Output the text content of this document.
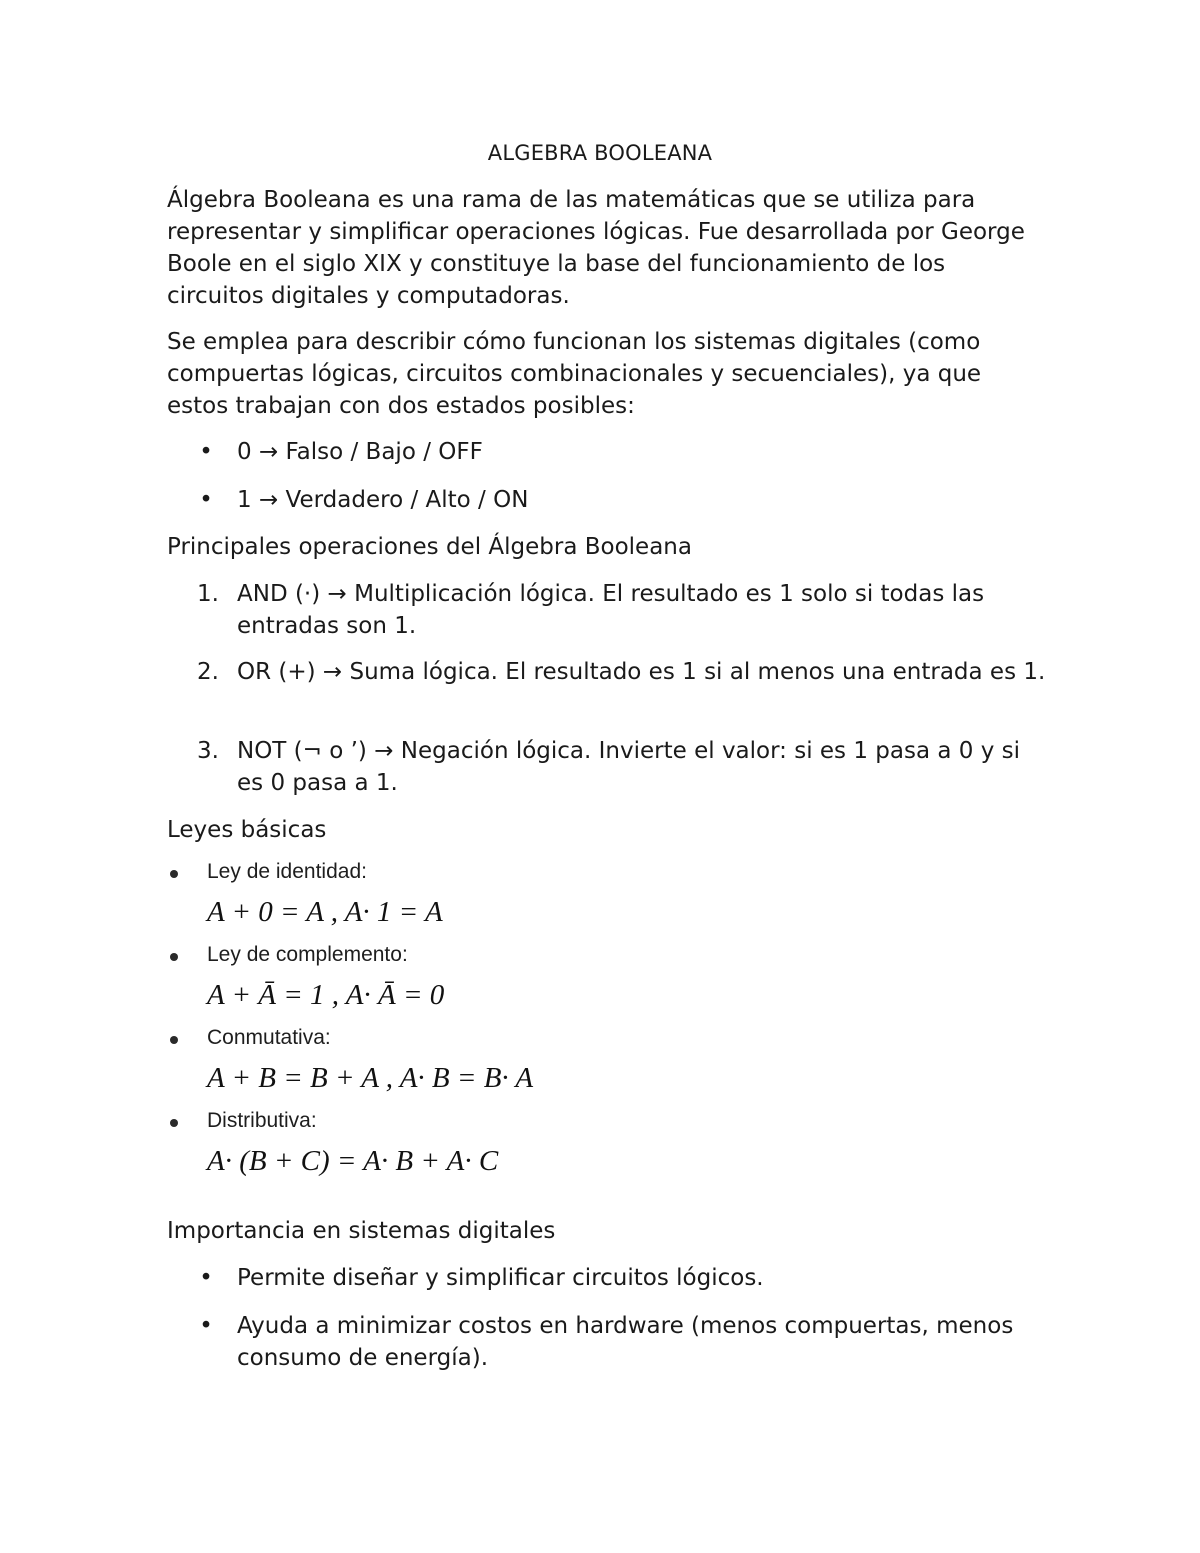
ALGEBRA BOOLEANA

Álgebra Booleana es una rama de las matemáticas que se utiliza para representar y simplificar operaciones lógicas. Fue desarrollada por George Boole en el siglo XIX y constituye la base del funcionamiento de los circuitos digitales y computadoras.

Se emplea para describir cómo funcionan los sistemas digitales (como compuertas lógicas, circuitos combinacionales y secuenciales), ya que estos trabajan con dos estados posibles:

• 0 → Falso / Bajo / OFF
• 1 → Verdadero / Alto / ON

Principales operaciones del Álgebra Booleana

1. AND (·) → Multiplicación lógica. El resultado es 1 solo si todas las entradas son 1.
2. OR (+) → Suma lógica. El resultado es 1 si al menos una entrada es 1.
3. NOT (¬ o ’) → Negación lógica. Invierte el valor: si es 1 pasa a 0 y si es 0 pasa a 1.

Leyes básicas

Ley de identidad:
A + 0 = A , A· 1 = A
Ley de complemento:
A + Ā = 1 , A· Ā = 0
Conmutativa:
A + B = B + A , A· B = B· A
Distributiva:
A· (B + C) = A· B + A· C

Importancia en sistemas digitales

• Permite diseñar y simplificar circuitos lógicos.
• Ayuda a minimizar costos en hardware (menos compuertas, menos consumo de energía).
